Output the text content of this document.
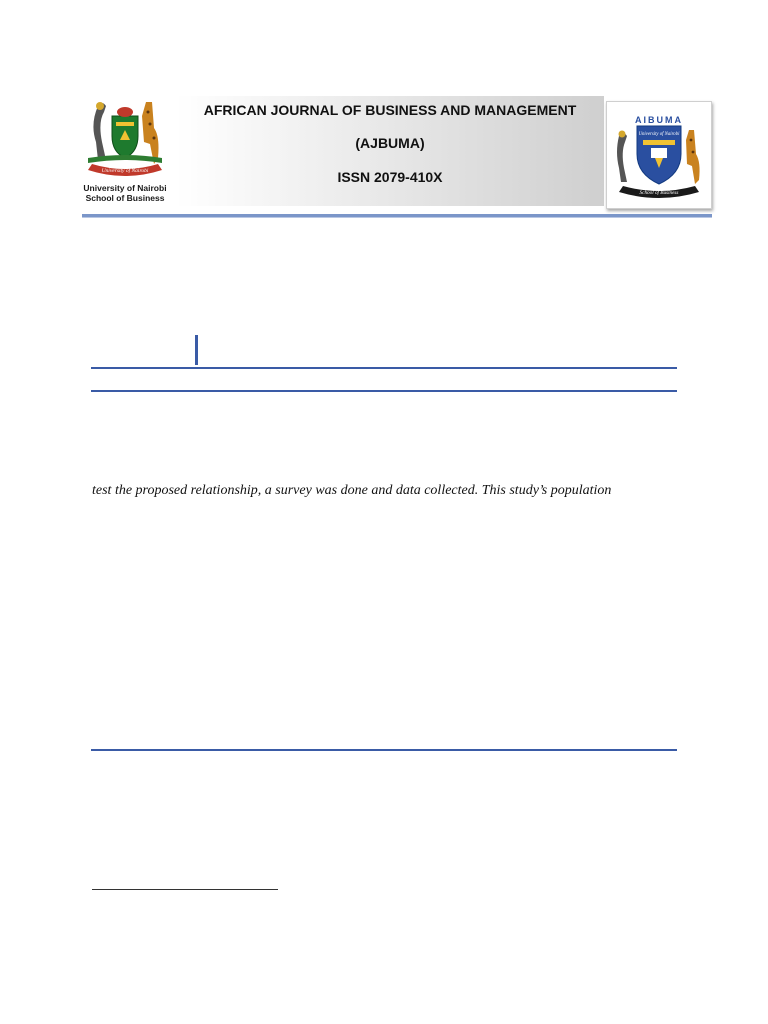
University of Nairobi
University of Nairobi
School of Business
AFRICAN JOURNAL OF BUSINESS AND MANAGEMENT
(AJBUMA)
ISSN 2079-410X
AIBUMA
University of Nairobi
School of Business
test the proposed relationship, a survey was done and data collected. This study’s population
